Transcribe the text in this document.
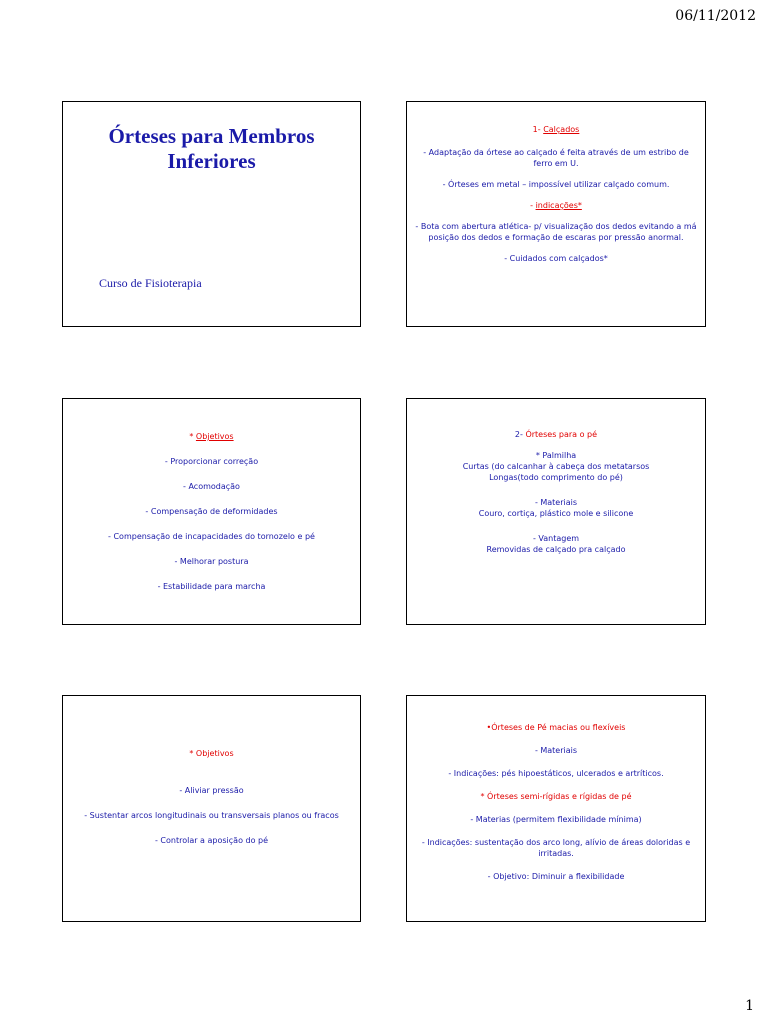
06/11/2012
Órteses para Membros
Inferiores
Curso de Fisioterapia

1- Calçados

- Adaptação da órtese ao calçado é feita através de um estribo de ferro em U.

- Órteses em metal – impossível utilizar calçado comum.

- indicações*

- Bota com abertura atlética- p/ visualização dos dedos evitando a má posição dos dedos e formação de escaras por pressão anormal.

- Cuidados com calçados*

* Objetivos

- Proporcionar correção

- Acomodação

- Compensação de deformidades

- Compensação de incapacidades do tornozelo e pé

- Melhorar postura

- Estabilidade para marcha

2- Órteses para o pé

* Palmilha

Curtas (do calcanhar à cabeça dos metatarsos

Longas(todo comprimento do pé)

- Materiais

Couro, cortiça, plástico mole e silicone

- Vantagem

Removidas de calçado pra calçado

* Objetivos

- Aliviar pressão

- Sustentar arcos longitudinais ou transversais planos ou fracos

- Controlar a aposição do pé

•Órteses de Pé macias ou flexíveis

- Materiais

- Indicações: pés hipoestáticos, ulcerados e artríticos.

* Órteses semi-rígidas e rígidas de pé

- Materias (permitem flexibilidade mínima)

- Indicações: sustentação dos arco long, alívio de áreas doloridas e irritadas.

- Objetivo: Diminuir a flexibilidade

1
